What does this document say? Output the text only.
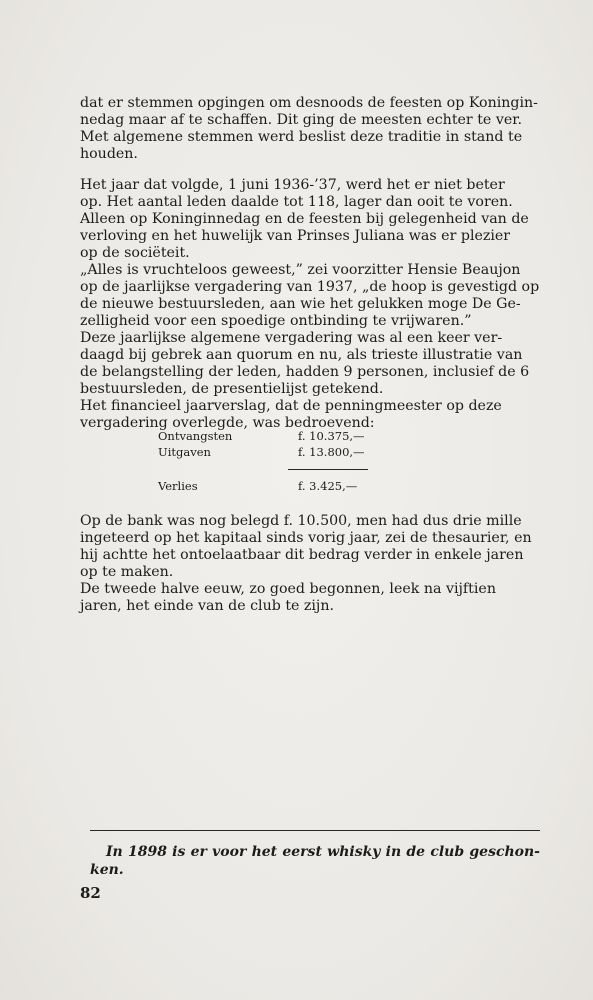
dat er stemmen opgingen om desnoods de feesten op Koningin-
nedag maar af te schaffen. Dit ging de meesten echter te ver.
Met algemene stemmen werd beslist deze traditie in stand te
houden.

Het jaar dat volgde, 1 juni 1936-’37, werd het er niet beter
op. Het aantal leden daalde tot 118, lager dan ooit te voren.
Alleen op Koninginnedag en de feesten bij gelegenheid van de
verloving en het huwelijk van Prinses Juliana was er plezier
op de sociëteit.

„Alles is vruchteloos geweest,” zei voorzitter Hensie Beaujon
op de jaarlijkse vergadering van 1937, „de hoop is gevestigd op
de nieuwe bestuursleden, aan wie het gelukken moge De Ge-
zelligheid voor een spoedige ontbinding te vrijwaren.”

Deze jaarlijkse algemene vergadering was al een keer ver-
daagd bij gebrek aan quorum en nu, als trieste illustratie van
de belangstelling der leden, hadden 9 personen, inclusief de 6
bestuursleden, de presentielijst getekend.

Het financieel jaarverslag, dat de penningmeester op deze
vergadering overlegde, was bedroevend:

Ontvangsten	f. 10.375,—
Uitgaven	f. 13.800,—
Verlies	f. 3.425,—

Op de bank was nog belegd f. 10.500, men had dus drie mille
ingeteerd op het kapitaal sinds vorig jaar, zei de thesaurier, en
hij achtte het ontoelaatbaar dit bedrag verder in enkele jaren
op te maken.

De tweede halve eeuw, zo goed begonnen, leek na vijftien
jaren, het einde van de club te zijn.

In 1898 is er voor het eerst whisky in de club geschon- ken.

82
